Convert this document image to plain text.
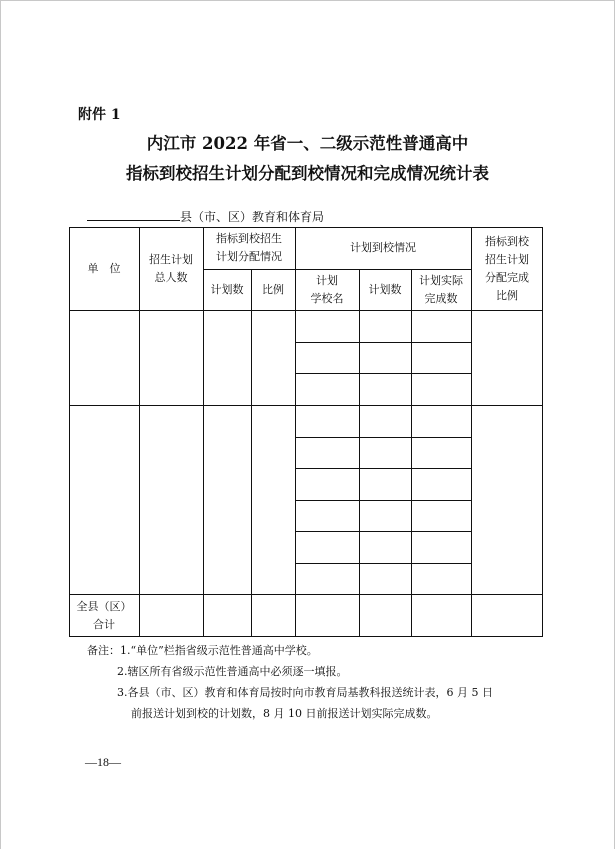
附件 1
内江市 2022 年省一、二级示范性普通高中
指标到校招生计划分配到校情况和完成情况统计表
县（市、区）教育和体育局
单　位
招生计划
总人数
指标到校招生
计划分配情况
计划数 比例
计划到校情况
计划
学校名
计划数
计划实际
完成数
指标到校
招生计划
分配完成
比例
全县（区）
合计
备注：1.“单位”栏指省级示范性普通高中学校。
2.辖区所有省级示范性普通高中必须逐一填报。
3.各县（市、区）教育和体育局按时向市教育局基教科报送统计表，6 月 5 日
前报送计划到校的计划数，8 月 10 日前报送计划实际完成数。
—18—
